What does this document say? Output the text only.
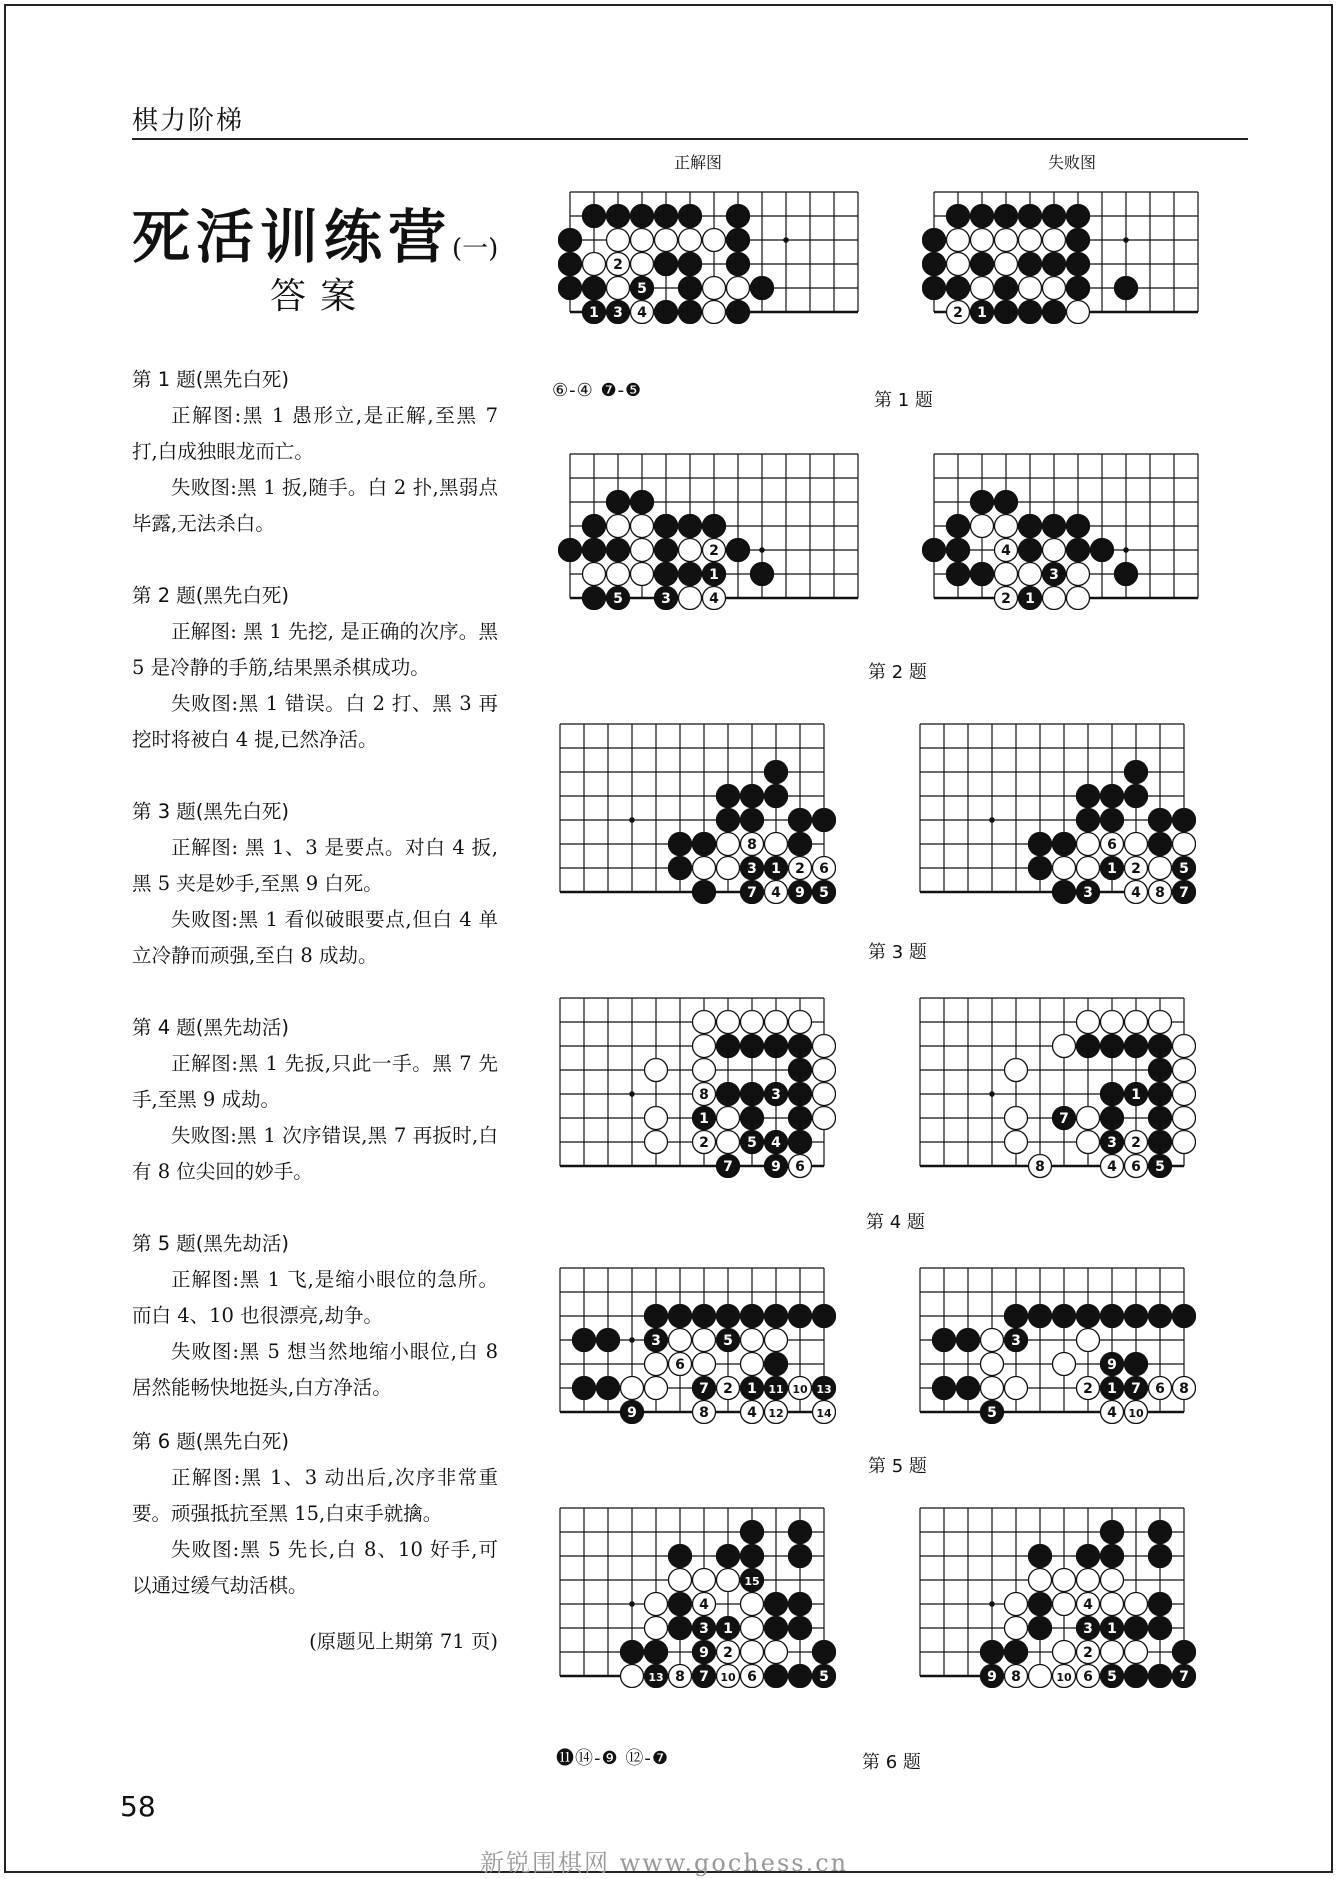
棋力阶梯
死活训练营(一)
答案
第 1 题(黑先白死)

正解图:黑 1 愚形立,是正解,至黑 7 打,白成独眼龙而亡。

失败图:黑 1 扳,随手。白 2 扑,黑弱点毕露,无法杀白。

第 2 题(黑先白死)

正解图: 黑 1 先挖, 是正确的次序。黑 5 是冷静的手筋,结果黑杀棋成功。

失败图:黑 1 错误。白 2 打、黑 3 再挖时将被白 4 提,已然净活。

第 3 题(黑先白死)

正解图: 黑 1、3 是要点。对白 4 扳,黑 5 夹是妙手,至黑 9 白死。

失败图:黑 1 看似破眼要点,但白 4 单立冷静而顽强,至白 8 成劫。

第 4 题(黑先劫活)

正解图:黑 1 先扳,只此一手。黑 7 先手,至黑 9 成劫。

失败图:黑 1 次序错误,黑 7 再扳时,白有 8 位尖回的妙手。

第 5 题(黑先劫活)

正解图:黑 1 飞,是缩小眼位的急所。而白 4、10 也很漂亮,劫争。

失败图:黑 5 想当然地缩小眼位,白 8 居然能畅快地挺头,白方净活。

第 6 题(黑先白死)

正解图:黑 1、3 动出后,次序非常重要。顽强抵抗至黑 15,白束手就擒。

失败图:黑 5 先长,白 8、10 好手,可以通过缓气劫活棋。

(原题见上期第 71 页)
正解图	失败图
2
5
1 3 4	2 1
2
1
5	3	4
4
3
2 1
8
3 1 2 6
7 4 9 5
6
1 2	5
3	4 8 7
8	3
1
2	5 4
7	9 6
1
7
3 2
8	4 6 5
3	5
6
7 2 1 11 10 13
9	8	4 12	14
3
9
2 1 7 6 8
5	4 10
15
4
3 1
9 2
13 8 7 10 6	5
4
3 1
2
9 8	10 6 5	7
⑥-④ ❼-❺	第 1 题
第 2 题
第 3 题
第 4 题
第 5 题
⓫⑭-❾ ⑫-❼	第 6 题
58
新锐围棋网 www.gochess.cn
